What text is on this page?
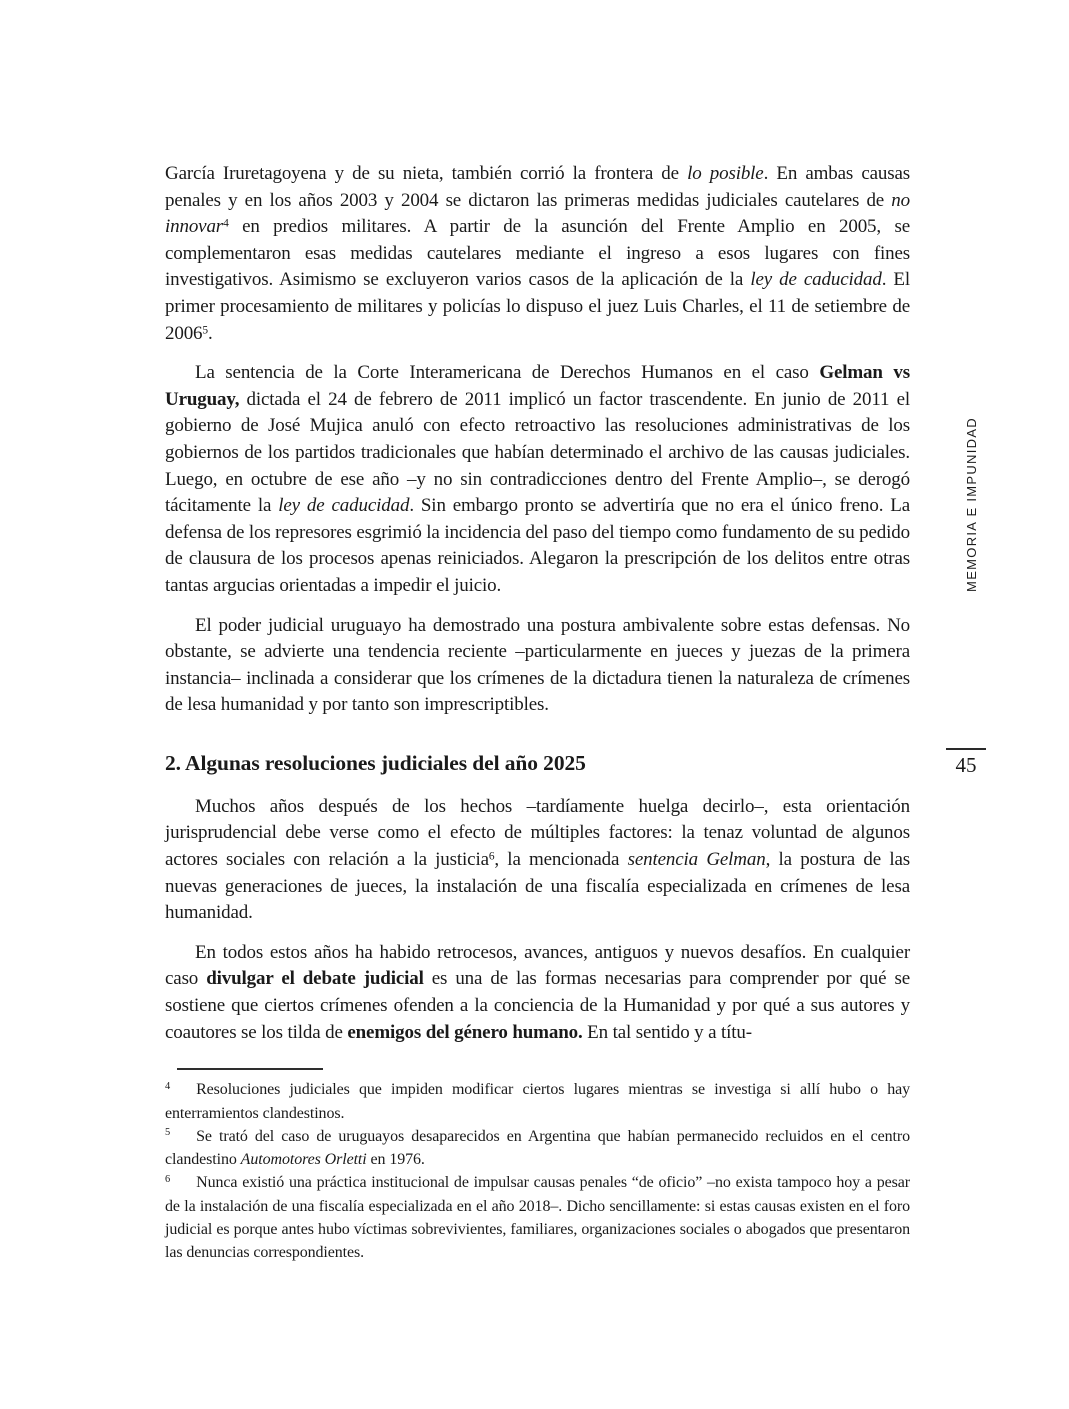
García Iruretagoyena y de su nieta, también corrió la frontera de lo posible. En ambas causas penales y en los años 2003 y 2004 se dictaron las primeras medidas judiciales cautelares de no innovar$^4$ en predios militares. A partir de la asunción del Frente Amplio en 2005, se complementaron esas medidas cautelares mediante el ingreso a esos lugares con fines investigativos. Asimismo se excluyeron varios casos de la aplicación de la ley de caducidad. El primer procesamiento de militares y policías lo dispuso el juez Luis Charles, el 11 de setiembre de 2006$^5$.

La sentencia de la Corte Interamericana de Derechos Humanos en el caso Gelman vs Uruguay, dictada el 24 de febrero de 2011 implicó un factor trascendente. En junio de 2011 el gobierno de José Mujica anuló con efecto retroactivo las resoluciones administrativas de los gobiernos de los partidos tradicionales que habían determinado el archivo de las causas judiciales. Luego, en octubre de ese año –y no sin contradicciones dentro del Frente Amplio–, se derogó tácitamente la ley de caducidad. Sin embargo pronto se advertiría que no era el único freno. La defensa de los represores esgrimió la incidencia del paso del tiempo como fundamento de su pedido de clausura de los procesos apenas reiniciados. Alegaron la prescripción de los delitos entre otras tantas argucias orientadas a impedir el juicio.

El poder judicial uruguayo ha demostrado una postura ambivalente sobre estas defensas. No obstante, se advierte una tendencia reciente –particularmente en jueces y juezas de la primera instancia– inclinada a considerar que los crímenes de la dictadura tienen la naturaleza de crímenes de lesa humanidad y por tanto son imprescriptibles.

2. Algunas resoluciones judiciales del año 2025

Muchos años después de los hechos –tardíamente huelga decirlo–, esta orientación jurisprudencial debe verse como el efecto de múltiples factores: la tenaz voluntad de algunos actores sociales con relación a la justicia$^6$, la mencionada sentencia Gelman, la postura de las nuevas generaciones de jueces, la instalación de una fiscalía especializada en crímenes de lesa humanidad.

En todos estos años ha habido retrocesos, avances, antiguos y nuevos desafíos. En cualquier caso divulgar el debate judicial es una de las formas necesarias para comprender por qué se sostiene que ciertos crímenes ofenden a la conciencia de la Humanidad y por qué a sus autores y coautores se los tilda de enemigos del género humano. En tal sentido y a títu-

$^4$ Resoluciones judiciales que impiden modificar ciertos lugares mientras se investiga si allí hubo o hay enterramientos clandestinos.

$^5$ Se trató del caso de uruguayos desaparecidos en Argentina que habían permanecido recluidos en el centro clandestino Automotores Orletti en 1976.

$^6$ Nunca existió una práctica institucional de impulsar causas penales “de oficio” –no exista tampoco hoy a pesar de la instalación de una fiscalía especializada en el año 2018–. Dicho sencillamente: si estas causas existen en el foro judicial es porque antes hubo víctimas sobrevivientes, familiares, organizaciones sociales o abogados que presentaron las denuncias correspondientes.

MEMORIA E IMPUNIDAD
45
